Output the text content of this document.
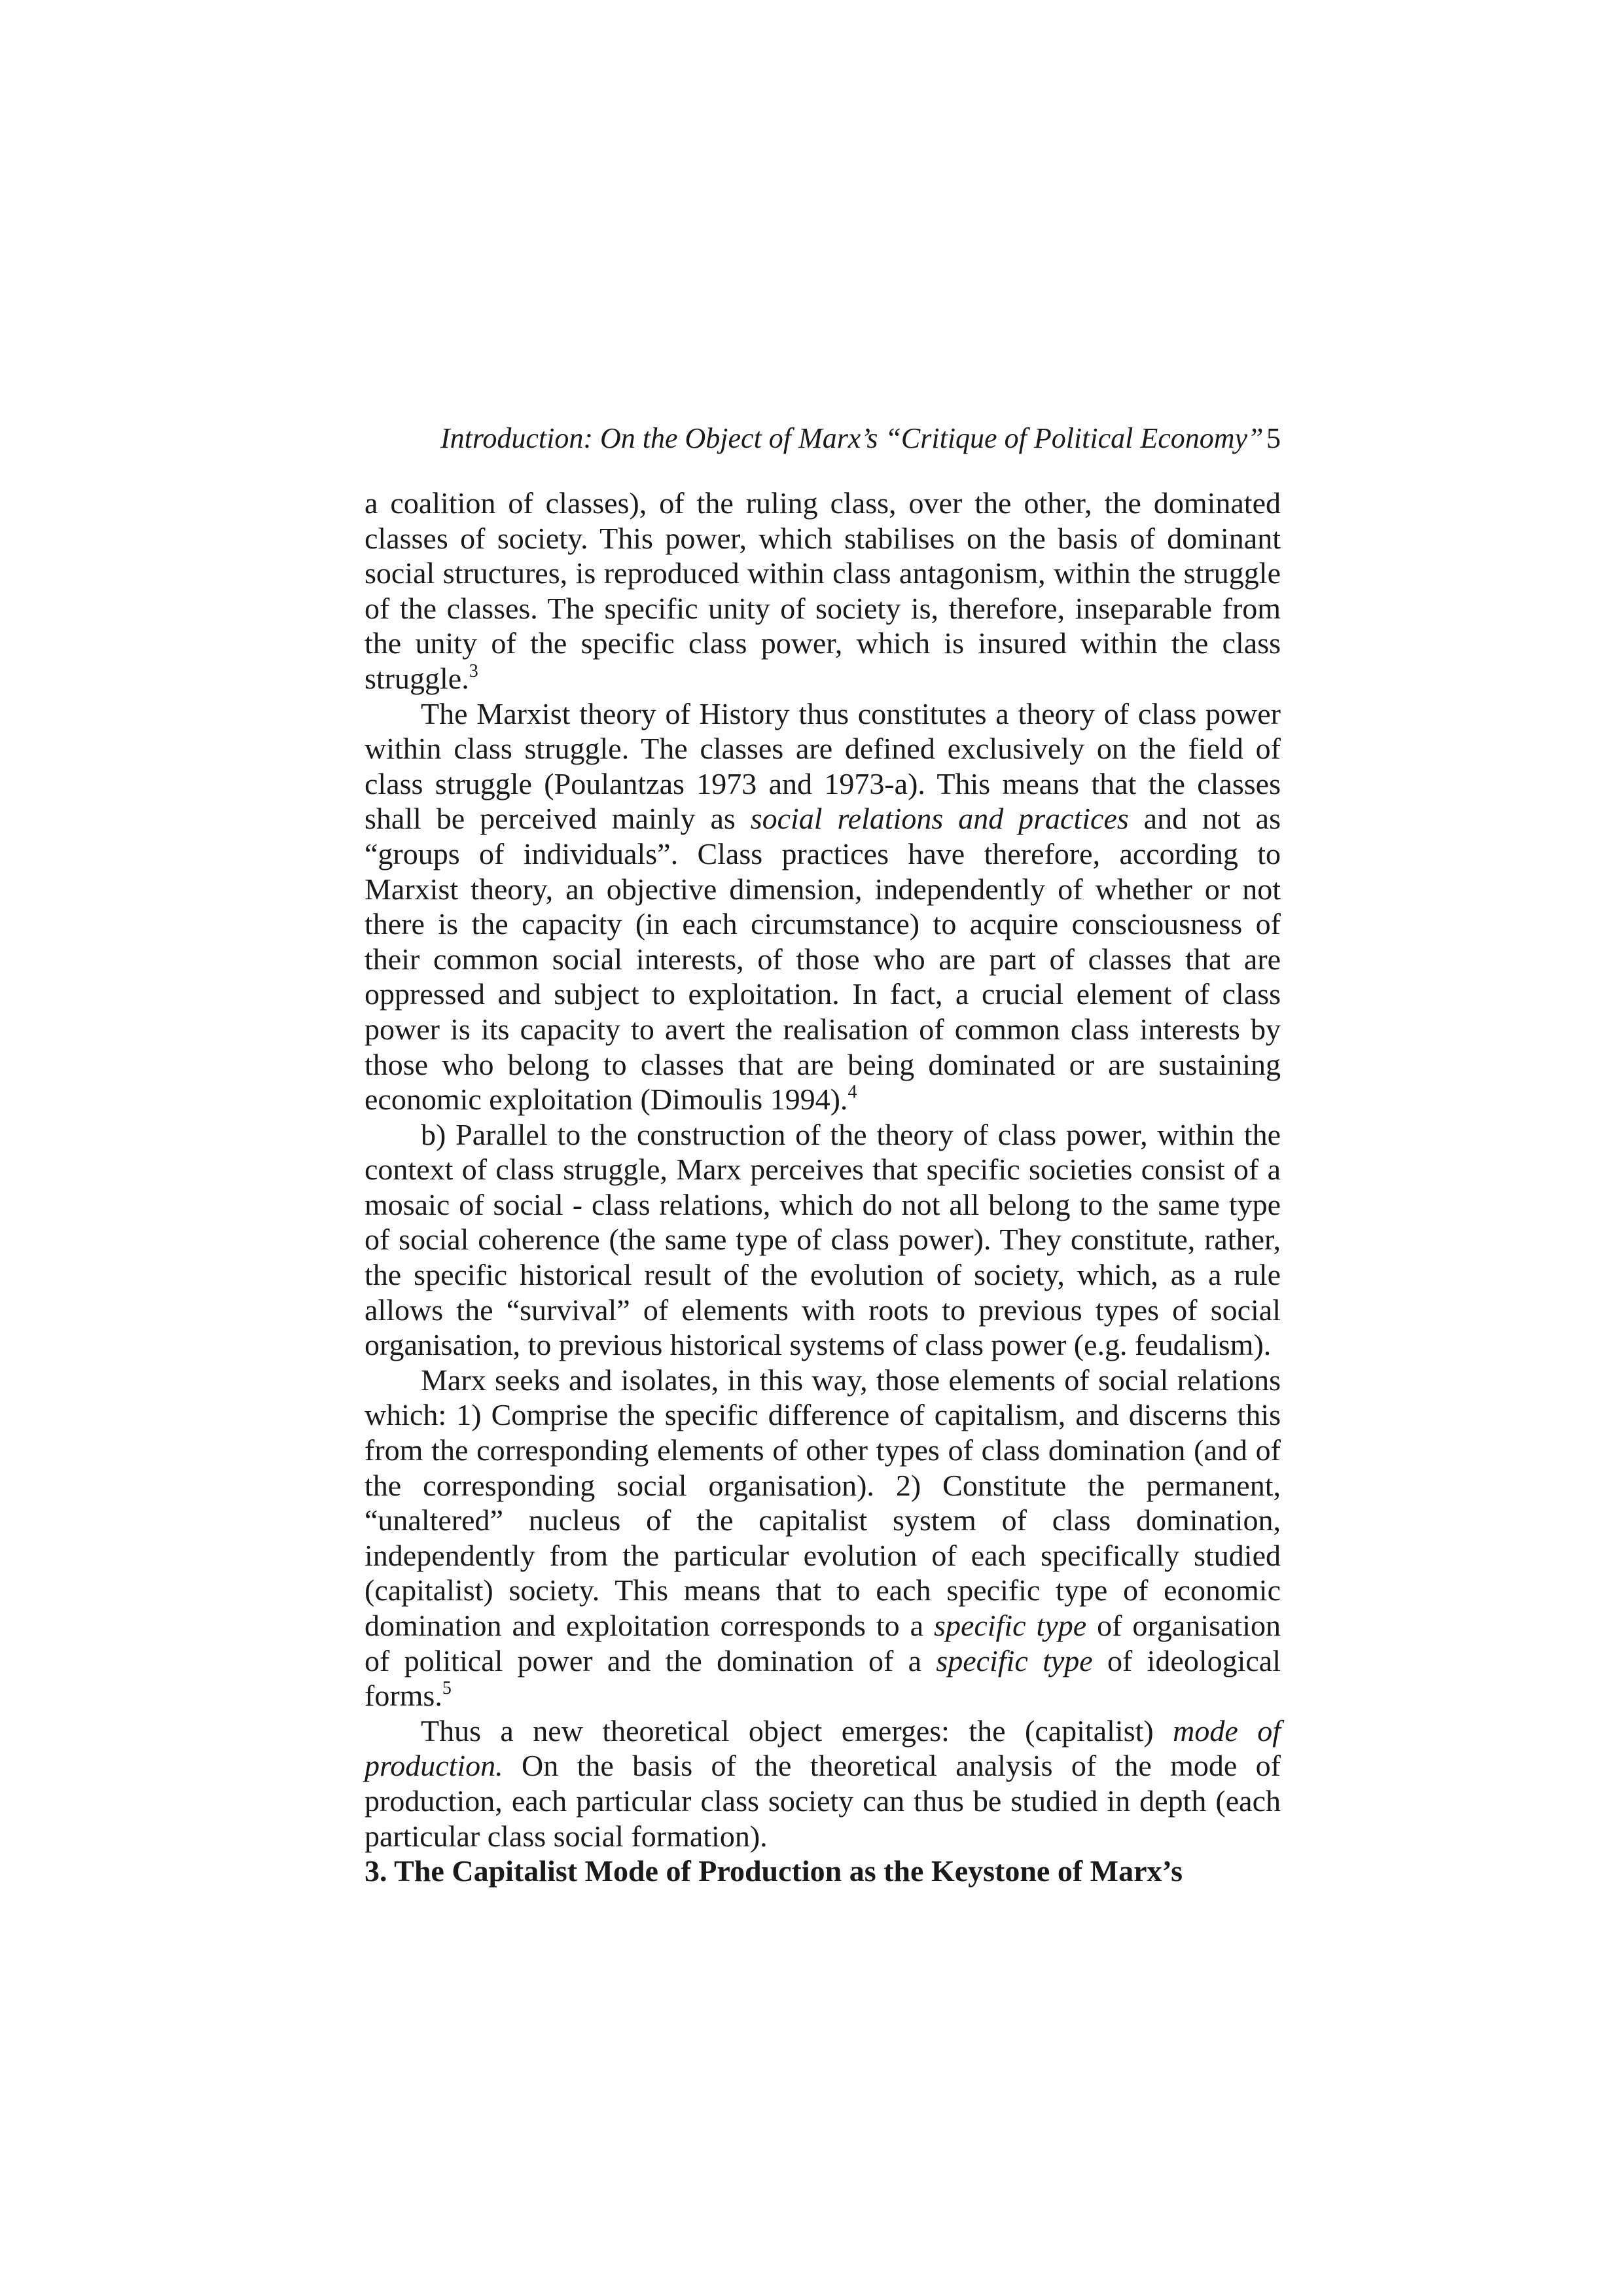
Introduction: On the Object of Marx’s “Critique of Political Economy” 5

a coalition of classes), of the ruling class, over the other, the dominated classes of society. This power, which stabilises on the basis of dominant social structures, is reproduced within class antagonism, within the struggle of the classes. The specific unity of society is, therefore, inseparable from the unity of the specific class power, which is insured within the class struggle.$^3$

The Marxist theory of History thus constitutes a theory of class power within class struggle. The classes are defined exclusively on the field of class struggle (Poulantzas 1973 and 1973-a). This means that the classes shall be perceived mainly as social relations and practices and not as “groups of individuals”. Class practices have therefore, according to Marxist theory, an objective dimension, independently of whether or not there is the capacity (in each circumstance) to acquire consciousness of their common social interests, of those who are part of classes that are oppressed and subject to exploitation. In fact, a crucial element of class power is its capacity to avert the realisation of common class interests by those who belong to classes that are being dominated or are sustaining economic exploitation (Dimoulis 1994).$^4$

b) Parallel to the construction of the theory of class power, within the context of class struggle, Marx perceives that specific societies consist of a mosaic of social - class relations, which do not all belong to the same type of social coherence (the same type of class power). They constitute, rather, the specific historical result of the evolution of society, which, as a rule allows the “survival” of elements with roots to previous types of social organisation, to previous historical systems of class power (e.g. feudalism).

Marx seeks and isolates, in this way, those elements of social relations which: 1) Comprise the specific difference of capitalism, and discerns this from the corresponding elements of other types of class domination (and of the corresponding social organisation). 2) Constitute the permanent, “unaltered” nucleus of the capitalist system of class domination, independently from the particular evolution of each specifically studied (capitalist) society. This means that to each specific type of economic domination and exploitation corresponds to a specific type of organisation of political power and the domination of a specific type of ideological forms.$^5$

Thus a new theoretical object emerges: the (capitalist) mode of production. On the basis of the theoretical analysis of the mode of production, each particular class society can thus be studied in depth (each particular class social formation).

3. The Capitalist Mode of Production as the Keystone of Marx’s
